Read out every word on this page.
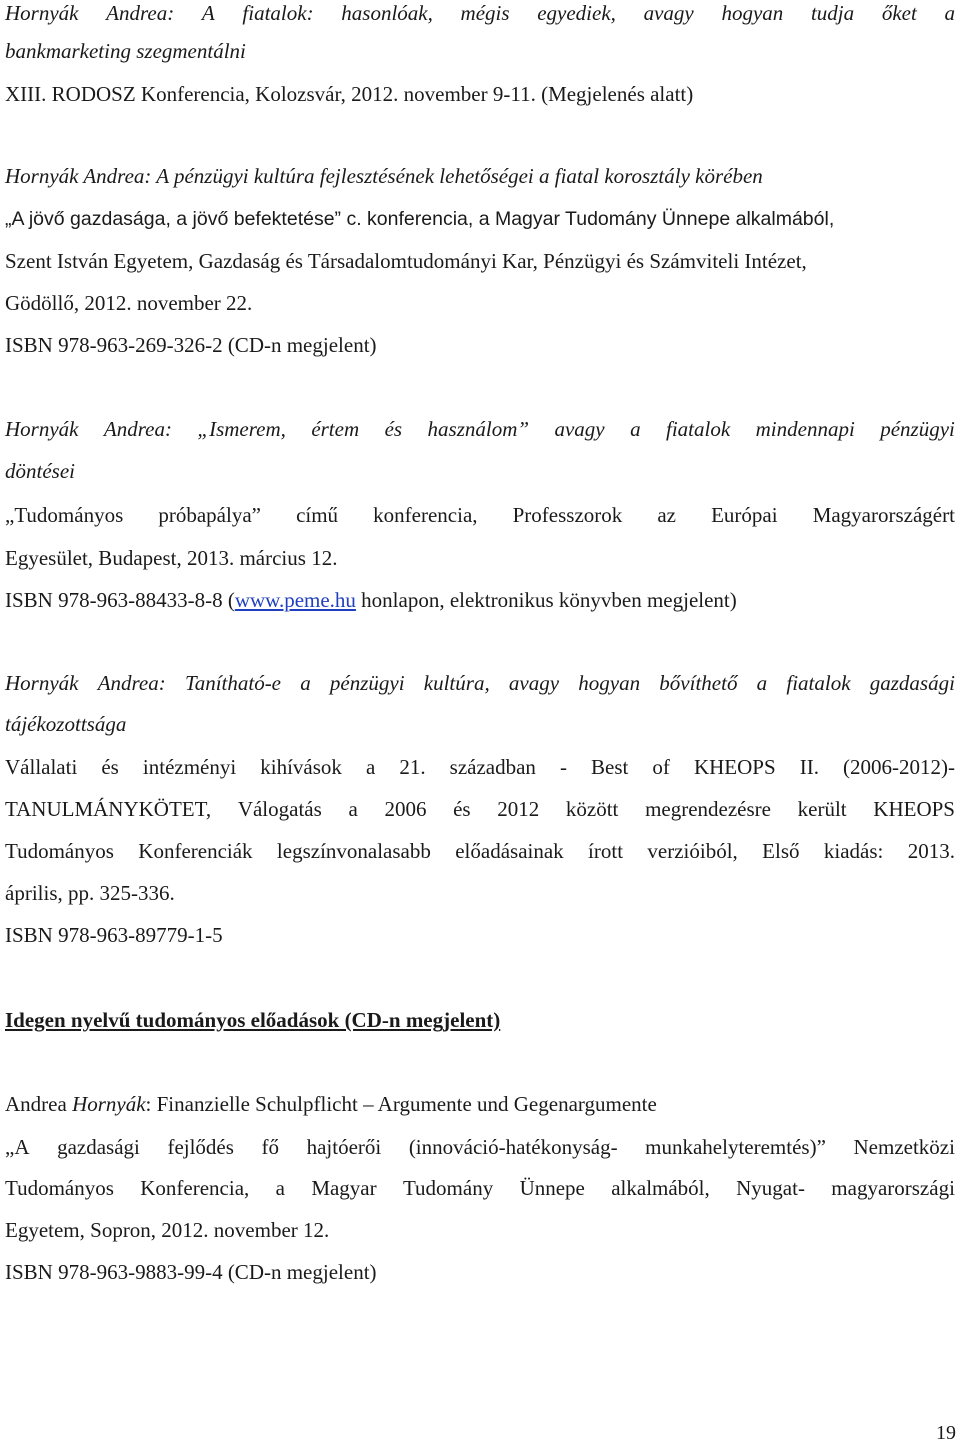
Hornyák Andrea: A fiatalok: hasonlóak, mégis egyediek, avagy hogyan tudja őket a
bankmarketing szegmentálni
XIII. RODOSZ Konferencia, Kolozsvár, 2012. november 9-11. (Megjelenés alatt)
Hornyák Andrea: A pénzügyi kultúra fejlesztésének lehetőségei a fiatal korosztály körében
„A jövő gazdasága, a jövő befektetése” c. konferencia, a Magyar Tudomány Ünnepe alkalmából,
Szent István Egyetem, Gazdaság és Társadalomtudományi Kar, Pénzügyi és Számviteli Intézet,
Gödöllő, 2012. november 22.
ISBN 978-963-269-326-2 (CD-n megjelent)
Hornyák Andrea: „Ismerem, értem és használom” avagy a fiatalok mindennapi pénzügyi
döntései
„Tudományos próbapálya” című konferencia, Professzorok az Európai Magyarországért
Egyesület, Budapest, 2013. március 12.
ISBN 978-963-88433-8-8 (www.peme.hu honlapon, elektronikus könyvben megjelent)
Hornyák Andrea: Tanítható-e a pénzügyi kultúra, avagy hogyan bővíthető a fiatalok gazdasági
tájékozottsága
Vállalati és intézményi kihívások a 21. században - Best of KHEOPS II. (2006-2012)-
TANULMÁNYKÖTET, Válogatás a 2006 és 2012 között megrendezésre került KHEOPS
Tudományos Konferenciák legszínvonalasabb előadásainak írott verzióiból, Első kiadás: 2013.
április, pp. 325-336.
ISBN 978-963-89779-1-5
Idegen nyelvű tudományos előadások (CD-n megjelent)
Andrea Hornyák: Finanzielle Schulpflicht – Argumente und Gegenargumente
„A gazdasági fejlődés fő hajtóerői (innováció-hatékonyság- munkahelyteremtés)” Nemzetközi
Tudományos Konferencia, a Magyar Tudomány Ünnepe alkalmából, Nyugat- magyarországi
Egyetem, Sopron, 2012. november 12.
ISBN 978-963-9883-99-4 (CD-n megjelent)
19
